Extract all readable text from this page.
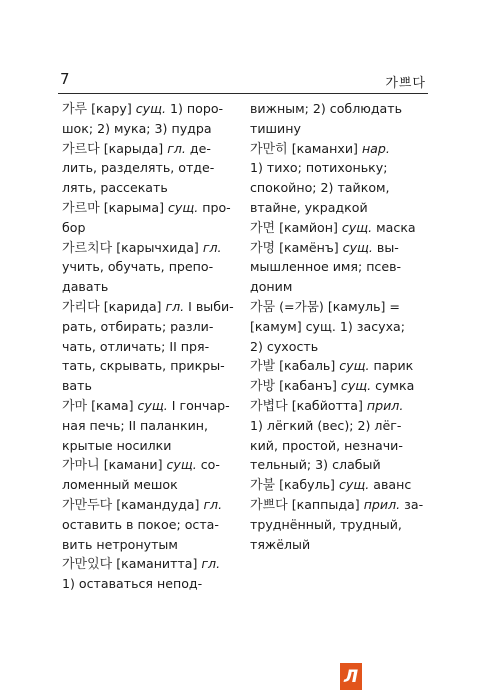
7	가쁘다
가루 [кару] сущ. 1) поро-
шок; 2) мука; 3) пудра
가르다 [карыда] гл. де-
лить, разделять, отде-
лять, рассекать
가르마 [карыма] сущ. про-
бор
가르치다 [карычхида] гл.
учить, обучать, препо-
давать
가리다 [карида] гл. I выби-
рать, отбирать; разли-
чать, отличать; II пря-
тать, скрывать, прикры-
вать
가마 [кама] сущ. I гончар-
ная печь; II паланкин,
крытые носилки
가마니 [камани] сущ. со-
ломенный мешок
가만두다 [камандуда] гл.
оставить в покое; оста-
вить нетронутым
가만있다 [каманитта] гл.
1) оставаться непод-
вижным; 2) соблюдать
тишину
가만히 [каманхи] нар.
1) тихо; потихоньку;
спокойно; 2) тайком,
втайне, украдкой
가면 [камйон] сущ. маска
가명 [камёнъ] сущ. вы-
мышленное имя; псев-
доним
가뭄 (=가뭄) [камуль] =
[камум] сущ. 1) засуха;
2) сухость
가발 [кабаль] сущ. парик
가방 [кабанъ] сущ. сумка
가볍다 [кабйотта] прил.
1) лёгкий (вес); 2) лёг-
кий, простой, незначи-
тельный; 3) слабый
가불 [кабуль] сущ. аванс
가쁘다 [каппыда] прил. за-
труднённый, трудный,
тяжёлый
Л
